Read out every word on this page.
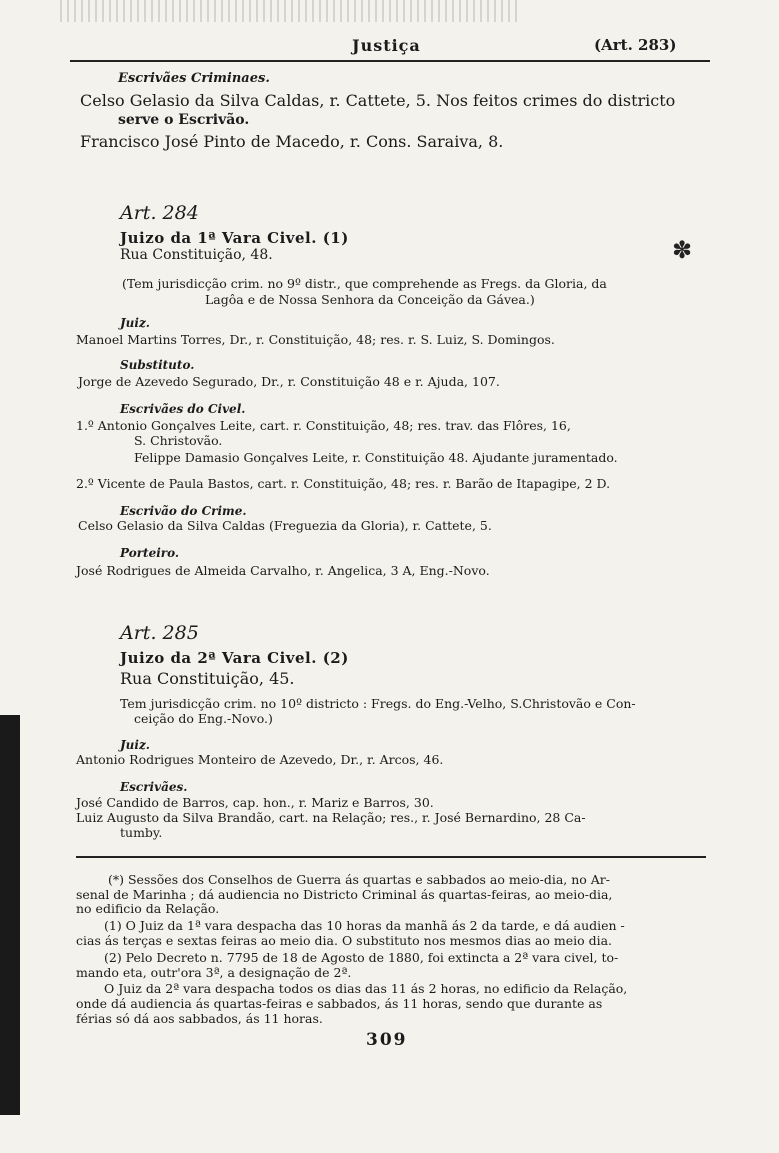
Justiça	(Art. 283)
Escrivães Criminaes.
Celso Gelasio da Silva Caldas, r. Cattete, 5. Nos feitos crimes do districto
serve o Escrivão.
Francisco José Pinto de Macedo, r. Cons. Saraiva, 8.
Art. 284
Juizo da 1ª Vara Civel. (1)
Rua Constituição, 48.	✽
(Tem jurisdicção crim. no 9º distr., que comprehende as Fregs. da Gloria, da
Lagôa e de Nossa Senhora da Conceição da Gávea.)
Juiz.
Manoel Martins Torres, Dr., r. Constituição, 48; res. r. S. Luiz, S. Domingos.
Substituto.
Jorge de Azevedo Segurado, Dr., r. Constituição 48 e r. Ajuda, 107.
Escrivães do Civel.
1.º Antonio Gonçalves Leite, cart. r. Constituição, 48; res. trav. das Flôres, 16,
S. Christovão.
Felippe Damasio Gonçalves Leite, r. Constituição 48. Ajudante juramentado.
2.º Vicente de Paula Bastos, cart. r. Constituição, 48; res. r. Barão de Itapagipe, 2 D.
Escrivão do Crime.
Celso Gelasio da Silva Caldas (Freguezia da Gloria), r. Cattete, 5.
Porteiro.
José Rodrigues de Almeida Carvalho, r. Angelica, 3 A, Eng.-Novo.
Art. 285
Juizo da 2ª Vara Civel. (2)
Rua Constituição, 45.
Tem jurisdicção crim. no 10º districto : Fregs. do Eng.-Velho, S.Christovão e Con-
ceição do Eng.-Novo.)
Juiz.
Antonio Rodrigues Monteiro de Azevedo, Dr., r. Arcos, 46.
Escrivães.
José Candido de Barros, cap. hon., r. Mariz e Barros, 30.
Luiz Augusto da Silva Brandão, cart. na Relação; res., r. José Bernardino, 28 Ca-
tumby.
(*) Sessões dos Conselhos de Guerra ás quartas e sabbados ao meio-dia, no Ar-
senal de Marinha ; dá audiencia no Districto Criminal ás quartas-feiras, ao meio-dia,
no edificio da Relação.
(1) O Juiz da 1ª vara despacha das 10 horas da manhã ás 2 da tarde, e dá audien -
cias ás terças e sextas feiras ao meio dia. O substituto nos mesmos dias ao meio dia.
(2) Pelo Decreto n. 7795 de 18 de Agosto de 1880, foi extincta a 2ª vara civel, to-
mando eta, outr'ora 3ª, a designação de 2ª.
O Juiz da 2ª vara despacha todos os dias das 11 ás 2 horas, no edificio da Relação,
onde dá audiencia ás quartas-feiras e sabbados, ás 11 horas, sendo que durante as
férias só dá aos sabbados, ás 11 horas.
309
